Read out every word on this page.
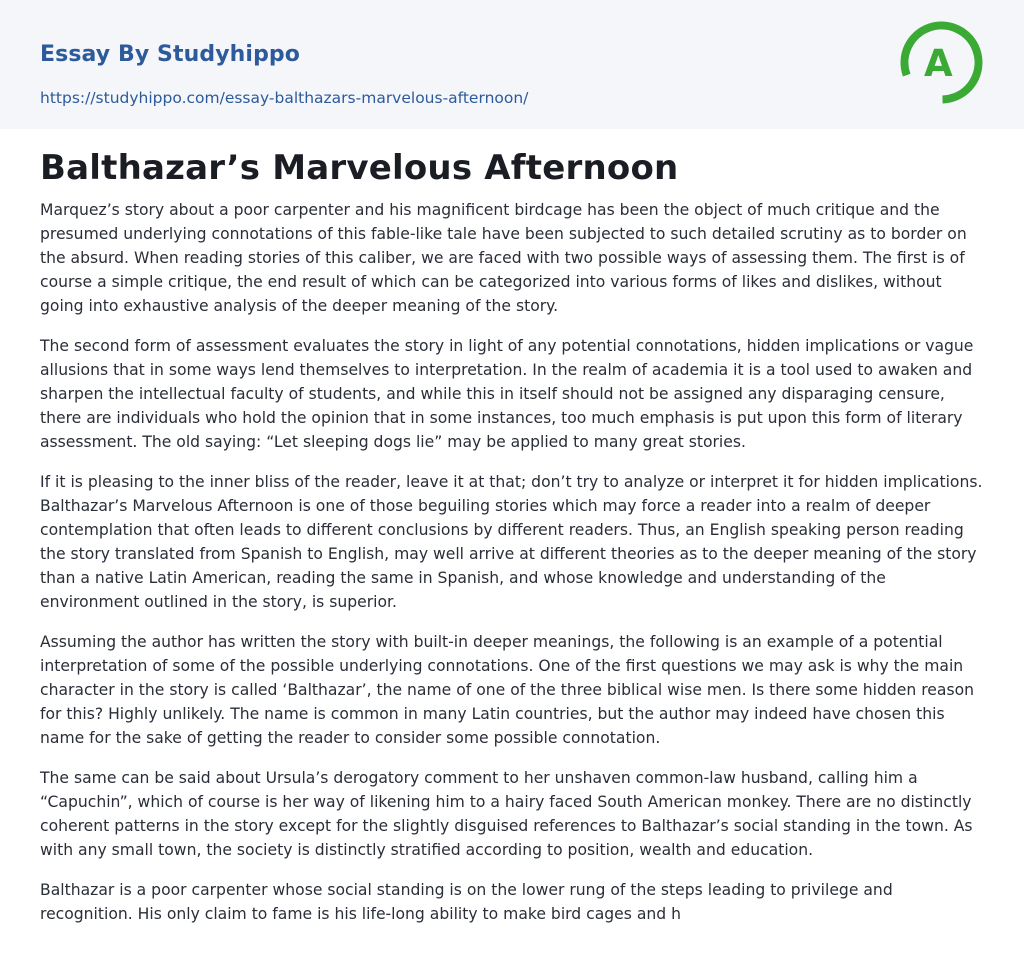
Essay By Studyhippo
https://studyhippo.com/essay-balthazars-marvelous-afternoon/
A
Balthazar’s Marvelous Afternoon

Marquez’s story about a poor carpenter and his magnificent birdcage has been the object of much critique and the presumed underlying connotations of this fable-like tale have been subjected to such detailed scrutiny as to border on the absurd. When reading stories of this caliber, we are faced with two possible ways of assessing them. The first is of course a simple critique, the end result of which can be categorized into various forms of likes and dislikes, without going into exhaustive analysis of the deeper meaning of the story.

The second form of assessment evaluates the story in light of any potential connotations, hidden implications or vague allusions that in some ways lend themselves to interpretation. In the realm of academia it is a tool used to awaken and sharpen the intellectual faculty of students, and while this in itself should not be assigned any disparaging censure, there are individuals who hold the opinion that in some instances, too much emphasis is put upon this form of literary assessment. The old saying: “Let sleeping dogs lie” may be applied to many great stories.

If it is pleasing to the inner bliss of the reader, leave it at that; don’t try to analyze or interpret it for hidden implications. Balthazar’s Marvelous Afternoon is one of those beguiling stories which may force a reader into a realm of deeper contemplation that often leads to different conclusions by different readers. Thus, an English speaking person reading the story translated from Spanish to English, may well arrive at different theories as to the deeper meaning of the story than a native Latin American, reading the same in Spanish, and whose knowledge and understanding of the environment outlined in the story, is superior.

Assuming the author has written the story with built-in deeper meanings, the following is an example of a potential interpretation of some of the possible underlying connotations. One of the first questions we may ask is why the main character in the story is called ‘Balthazar’, the name of one of the three biblical wise men. Is there some hidden reason for this? Highly unlikely. The name is common in many Latin countries, but the author may indeed have chosen this name for the sake of getting the reader to consider some possible connotation.

The same can be said about Ursula’s derogatory comment to her unshaven common-law husband, calling him a “Capuchin”, which of course is her way of likening him to a hairy faced South American monkey. There are no distinctly coherent patterns in the story except for the slightly disguised references to Balthazar’s social standing in the town. As with any small town, the society is distinctly stratified according to position, wealth and education.

Balthazar is a poor carpenter whose social standing is on the lower rung of the steps leading to privilege and recognition. His only claim to fame is his life-long ability to make bird cages and h
